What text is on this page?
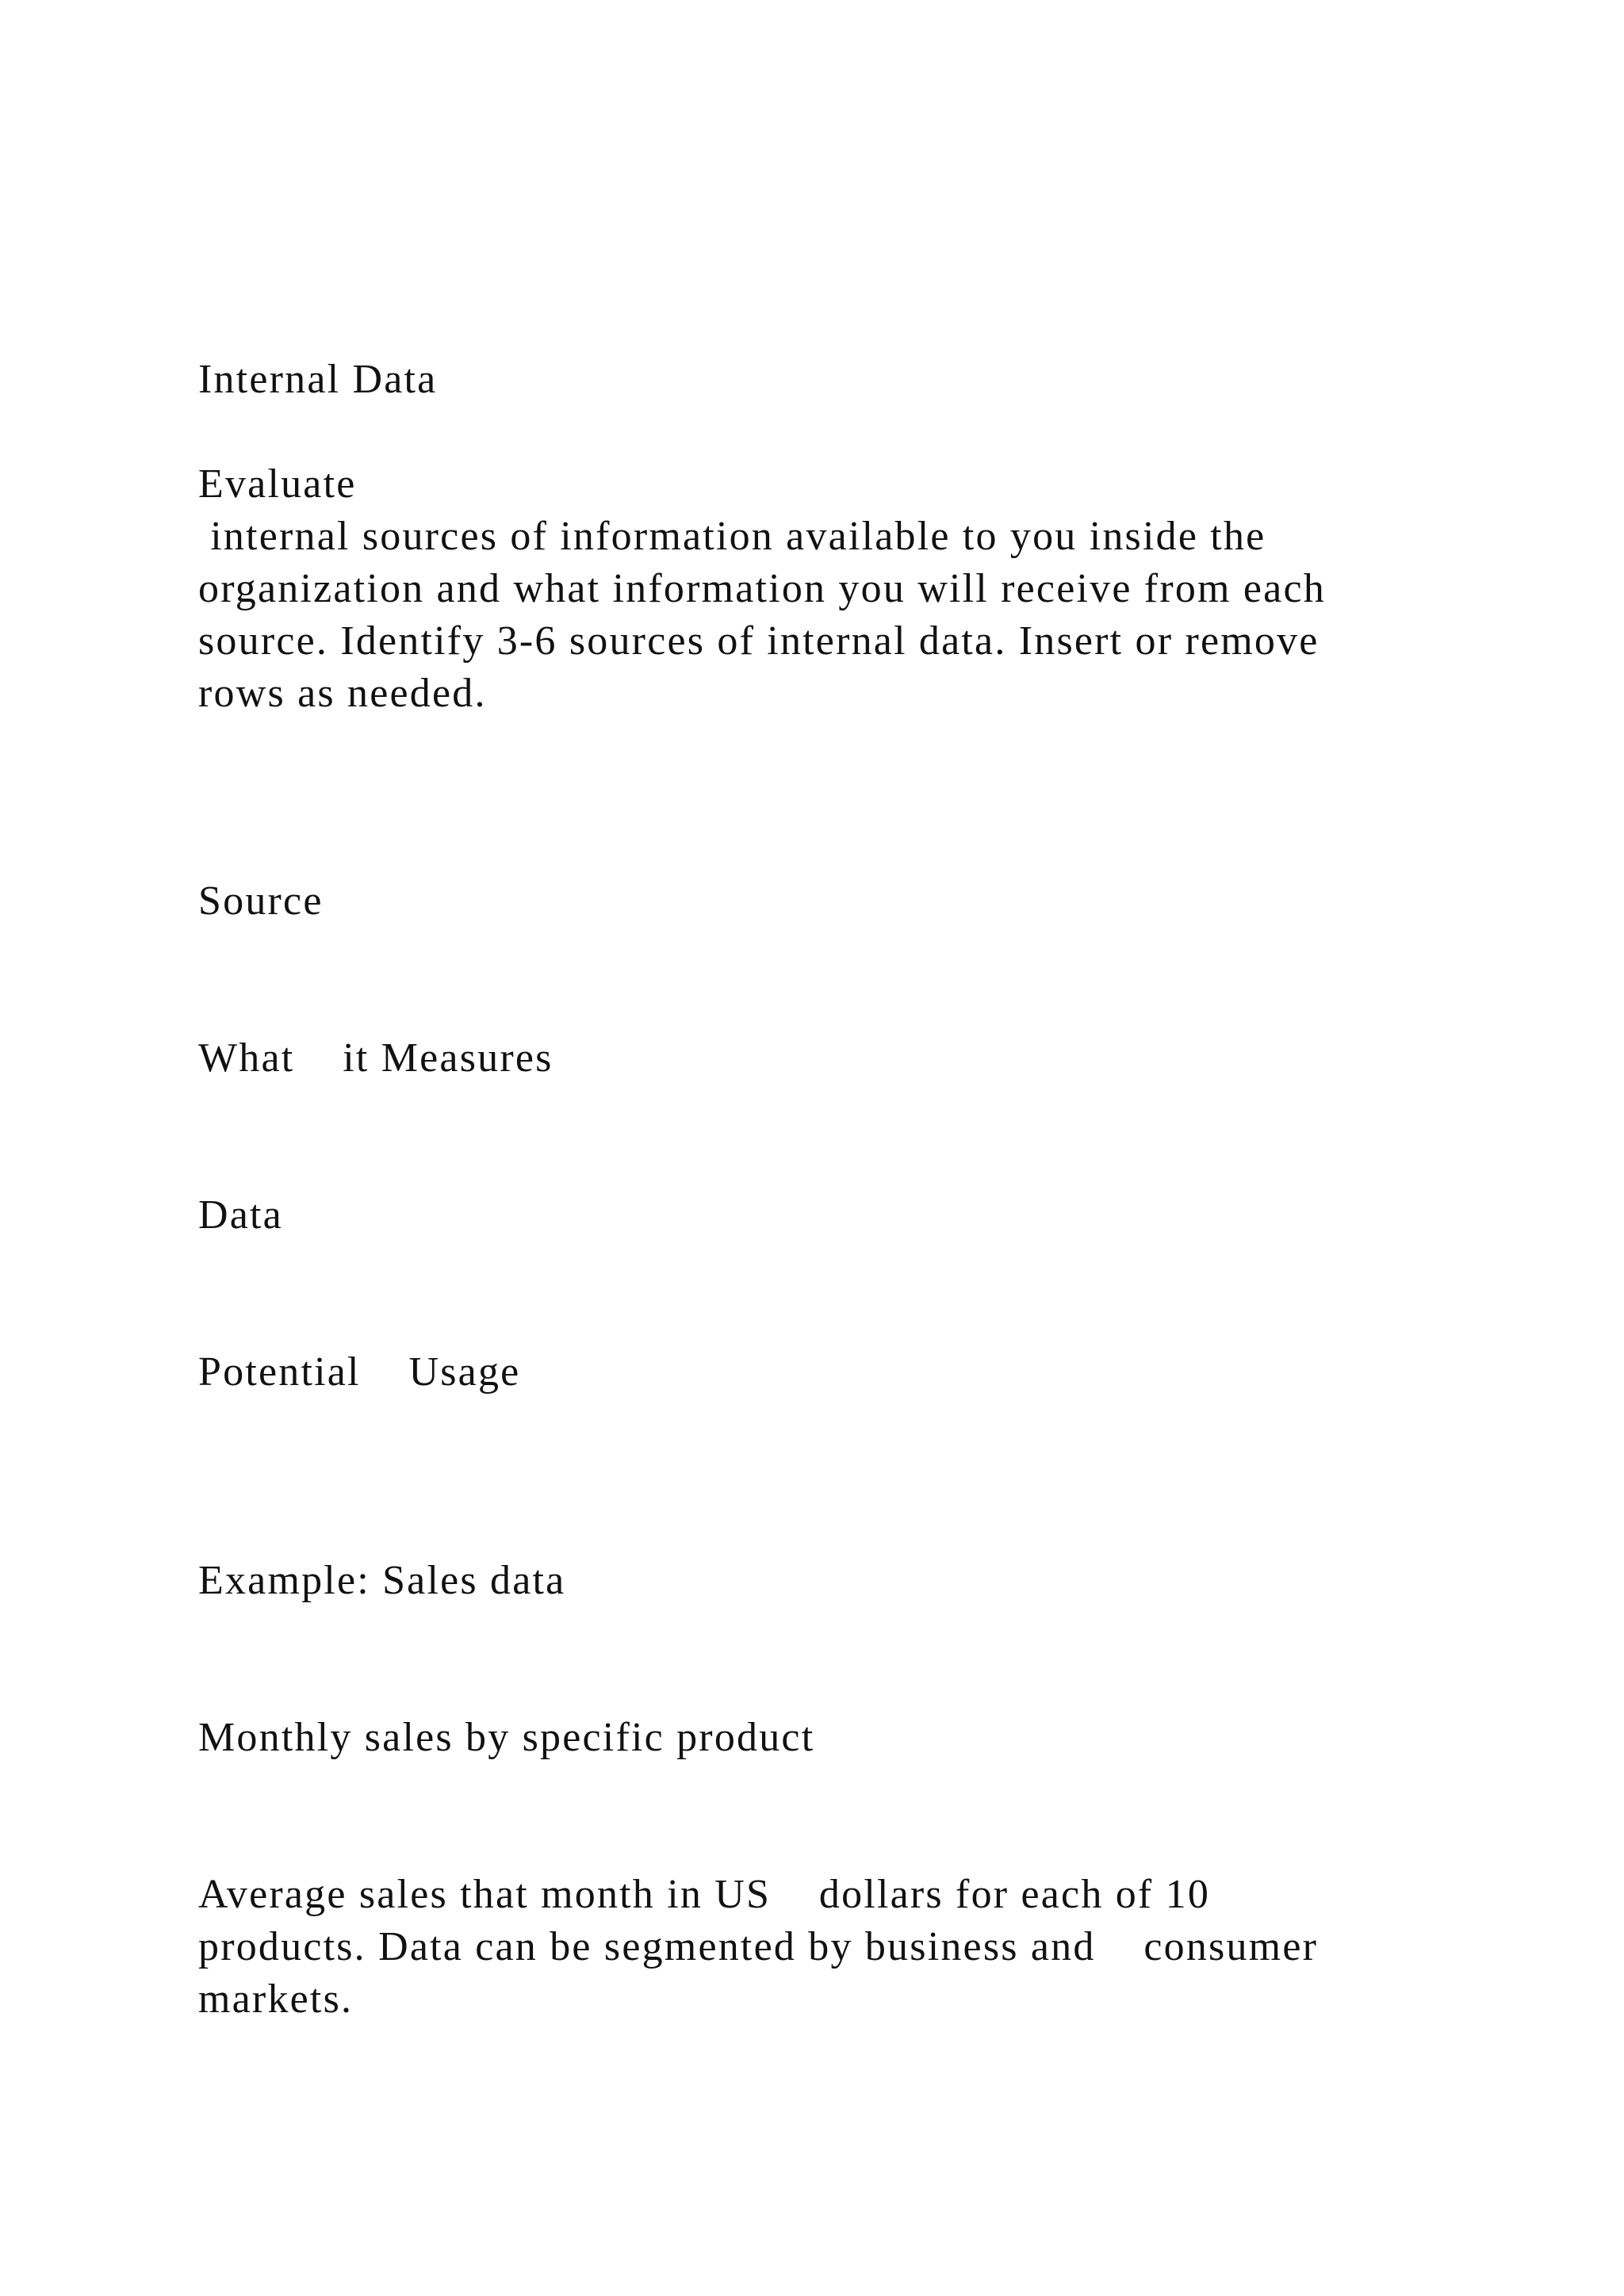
Internal Data

Evaluate

internal sources of information available to you inside the

organization and what information you will receive from each

source. Identify 3-6 sources of internal data. Insert or remove

rows as needed.

Source

What    it Measures

Data

Potential    Usage

Example: Sales data

Monthly sales by specific product

Average sales that month in US    dollars for each of 10

products. Data can be segmented by business and    consumer

markets.
